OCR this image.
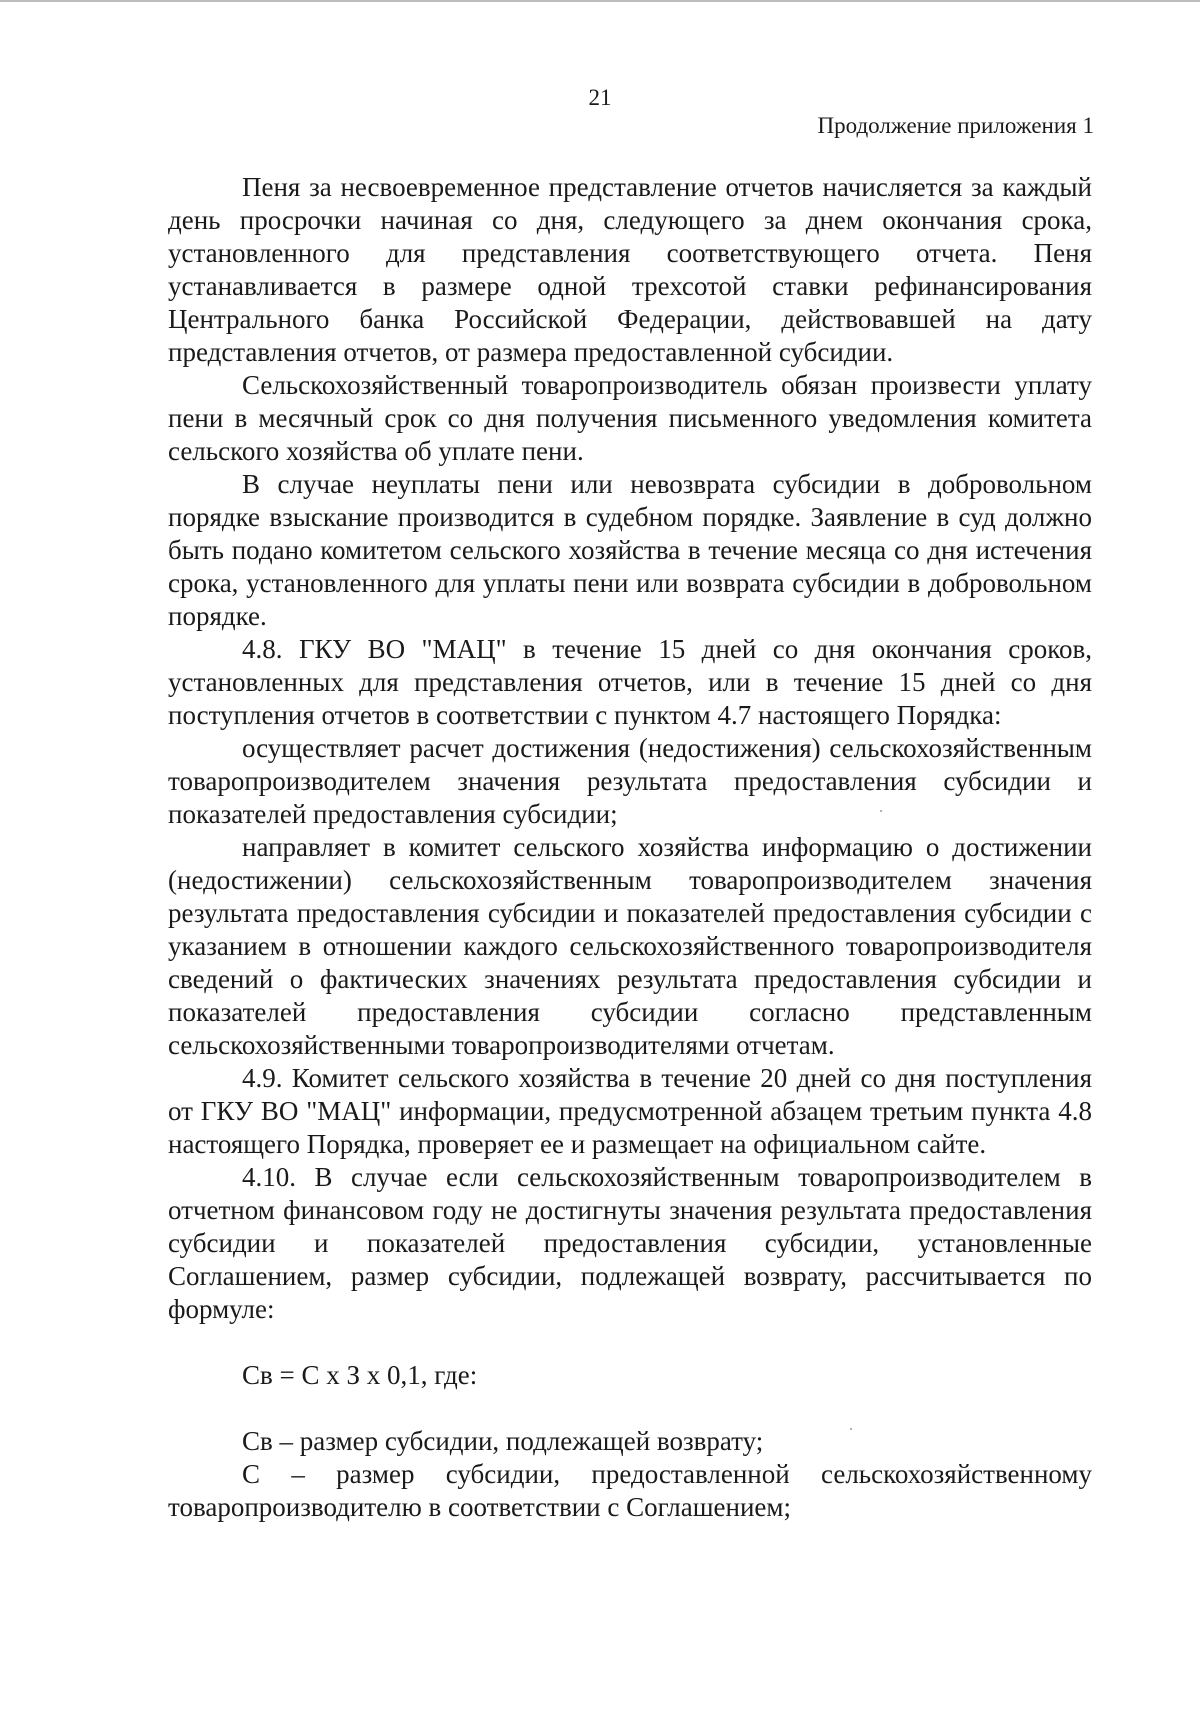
21
Продолжение приложения 1

Пеня за несвоевременное представление отчетов начисляется за каждый день просрочки начиная со дня, следующего за днем окончания срока, установленного для представления соответствующего отчета. Пеня устанавливается в размере одной трехсотой ставки рефинансирования Центрального банка Российской Федерации, действовавшей на дату представления отчетов, от размера предоставленной субсидии.

Сельскохозяйственный товаропроизводитель обязан произвести уплату пени в месячный срок со дня получения письменного уведомления комитета сельского хозяйства об уплате пени.

В случае неуплаты пени или невозврата субсидии в добровольном порядке взыскание производится в судебном порядке. Заявление в суд должно быть подано комитетом сельского хозяйства в течение месяца со дня истечения срока, установленного для уплаты пени или возврата субсидии в добровольном порядке.

4.8. ГКУ ВО "МАЦ" в течение 15 дней со дня окончания сроков, установленных для представления отчетов, или в течение 15 дней со дня поступления отчетов в соответствии с пунктом 4.7 настоящего Порядка:

осуществляет расчет достижения (недостижения) сельскохозяйственным товаропроизводителем значения результата предоставления субсидии и показателей предоставления субсидии;

направляет в комитет сельского хозяйства информацию о достижении (недостижении) сельскохозяйственным товаропроизводителем значения результата предоставления субсидии и показателей предоставления субсидии с указанием в отношении каждого сельскохозяйственного товаропроизводителя сведений о фактических значениях результата предоставления субсидии и показателей предоставления субсидии согласно представленным сельскохозяйственными товаропроизводителями отчетам.

4.9. Комитет сельского хозяйства в течение 20 дней со дня поступления от ГКУ ВО "МАЦ" информации, предусмотренной абзацем третьим пункта 4.8 настоящего Порядка, проверяет ее и размещает на официальном сайте.

4.10. В случае если сельскохозяйственным товаропроизводителем в отчетном финансовом году не достигнуты значения результата предоставления субсидии и показателей предоставления субсидии, установленные Соглашением, размер субсидии, подлежащей возврату, рассчитывается по формуле:

Св = С х З х 0,1, где:

Св – размер субсидии, подлежащей возврату;

С – размер субсидии, предоставленной сельскохозяйственному товаропроизводителю в соответствии с Соглашением;
